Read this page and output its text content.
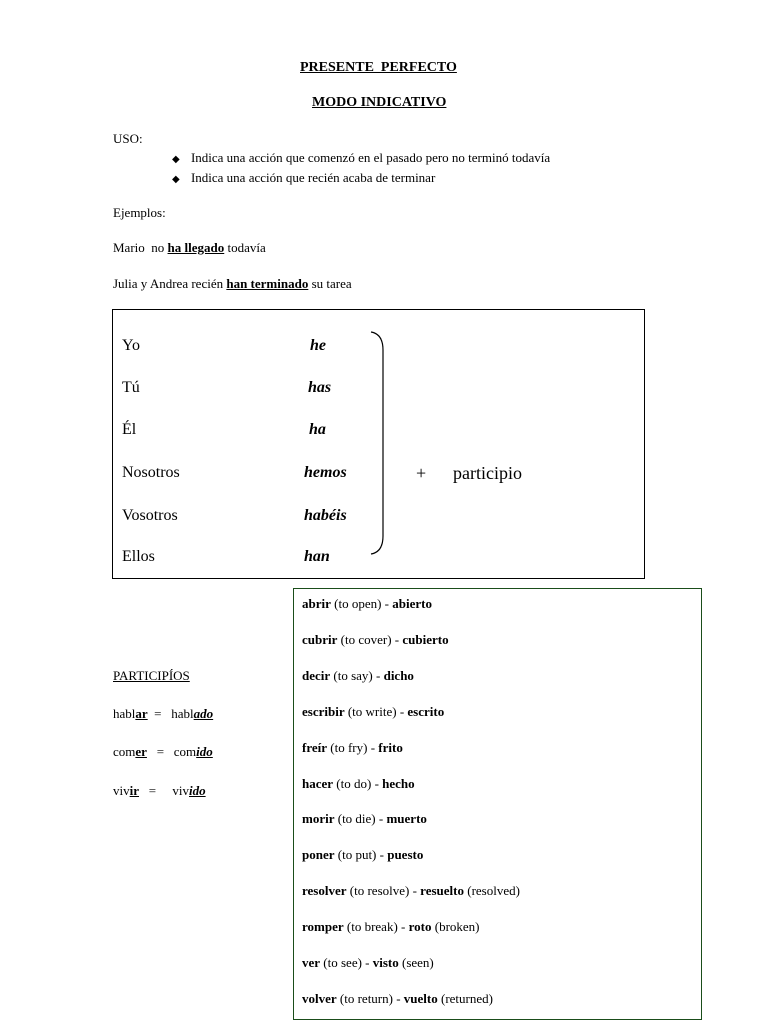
PRESENTE  PERFECTO
MODO INDICATIVO
USO:
◆ Indica una acción que comenzó en el pasado pero no terminó todavía
◆ Indica una acción que recién acaba de terminar
Ejemplos:
Mario  no ha llegado todavía
Julia y Andrea recién han terminado su tarea
Yo	he
Tú	has
Él	ha
Nosotros	hemos
Vosotros	habéis
Ellos	han
+ participio
PARTICIPÍOS
hablar  =   hablado
comer   =   comido
vivir   =     vivido
abrir (to open) - abierto
cubrir (to cover) - cubierto
decir (to say) - dicho
escribir (to write) - escrito
freír (to fry) - frito
hacer (to do) - hecho
morir (to die) - muerto
poner (to put) - puesto
resolver (to resolve) - resuelto (resolved)
romper (to break) - roto (broken)
ver (to see) - visto (seen)
volver (to return) - vuelto (returned)
